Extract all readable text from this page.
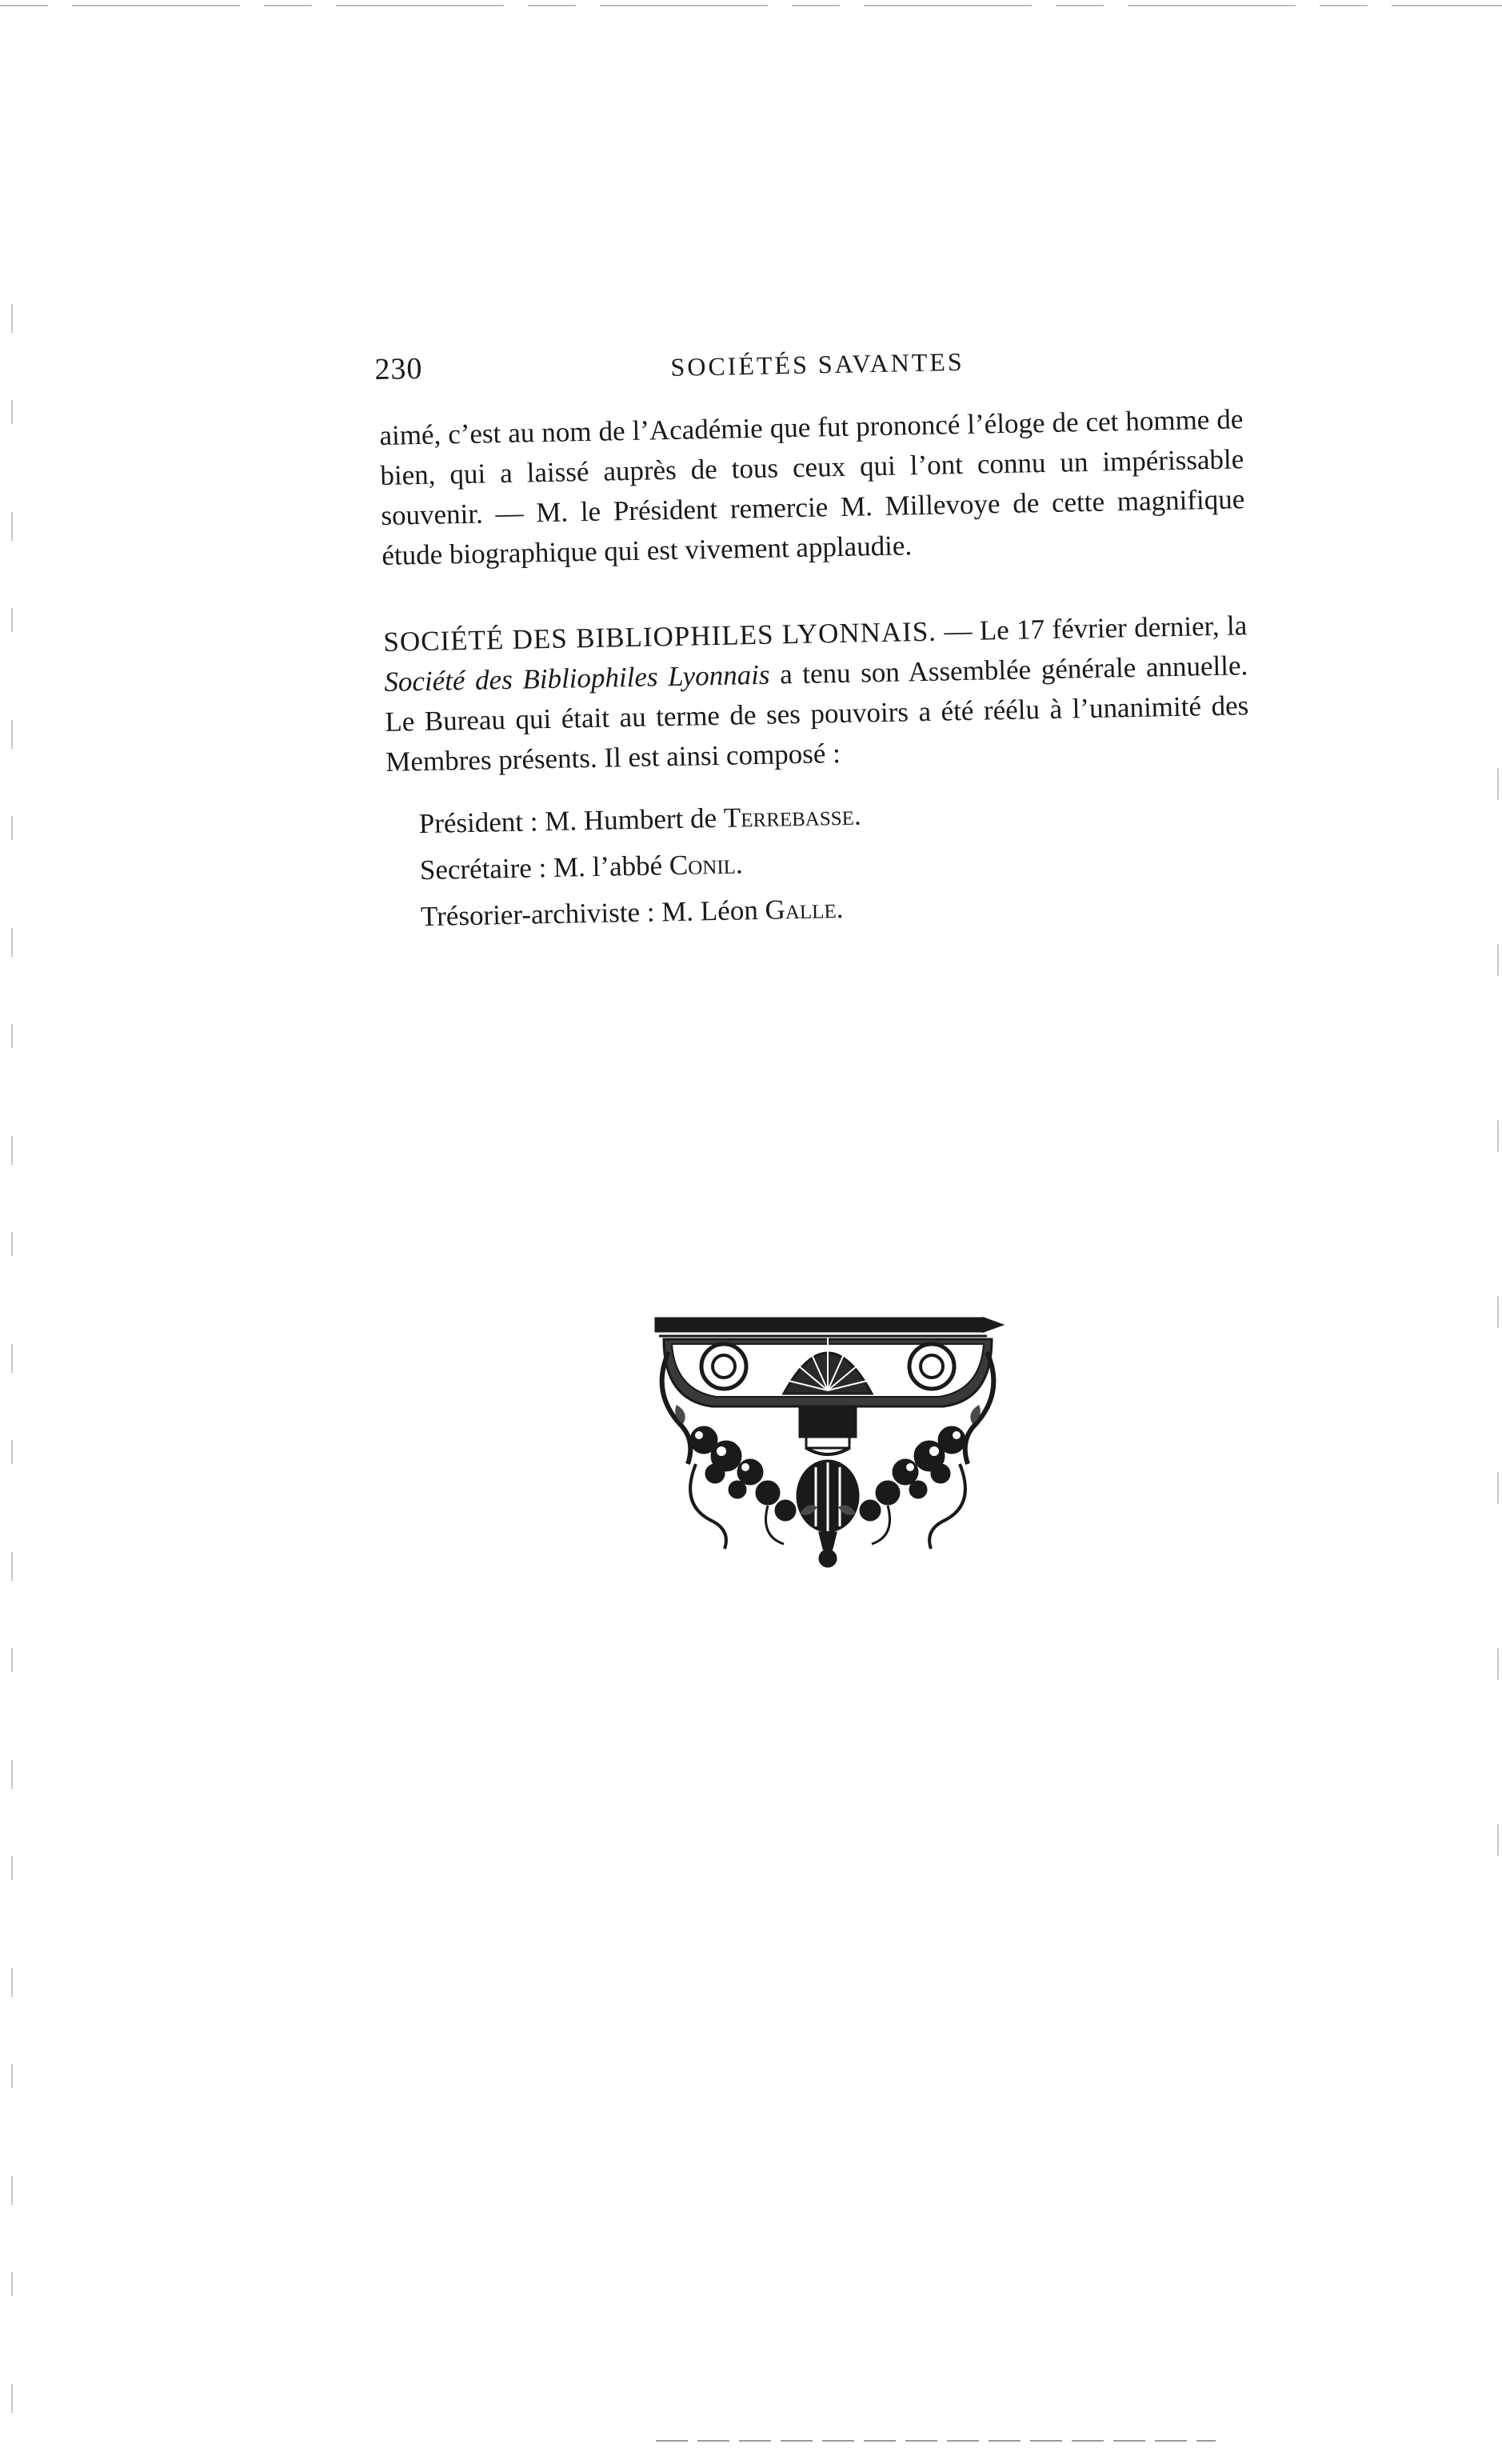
230	SOCIÉTÉS SAVANTES

aimé, c’est au nom de l’Académie que fut prononcé l’éloge de cet homme de bien, qui a laissé auprès de tous ceux qui l’ont connu un impérissable souvenir. — M. le Président remercie M. Millevoye de cette magnifique étude biographique qui est vivement applaudie.

SOCIÉTÉ DES BIBLIOPHILES LYONNAIS. — Le 17 février dernier, la Société des Bibliophiles Lyonnais a tenu son Assemblée générale annuelle. Le Bureau qui était au terme de ses pouvoirs a été réélu à l’unanimité des Membres présents. Il est ainsi composé :

Président : M. Humbert de Terrebasse.
Secrétaire : M. l’abbé Conil.
Trésorier-archiviste : M. Léon Galle.
